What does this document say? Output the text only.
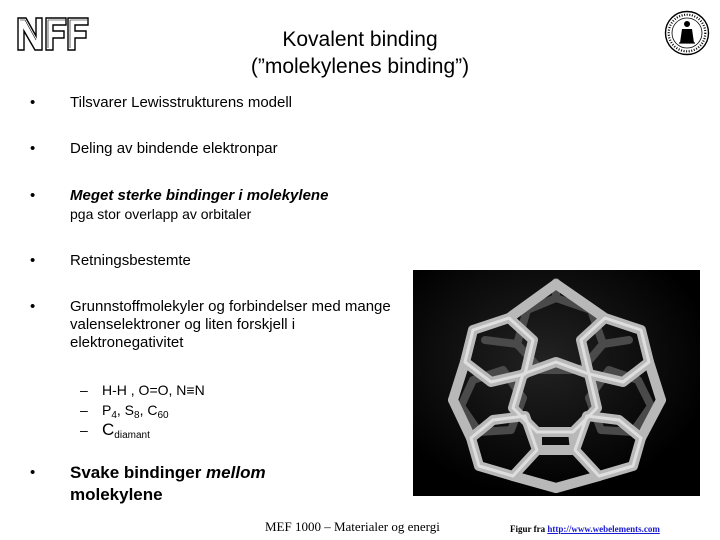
Kovalent binding
(”molekylenes binding”)
•	Tilsvarer Lewisstrukturens modell
•	Deling av bindende elektronpar
•	Meget sterke bindinger i molekylene
pga stor overlapp av orbitaler
•	Retningsbestemte
•	Grunnstoffmolekyler og forbindelser med mange valenselektroner og liten forskjell i elektronegativitet
– H-H , O=O, N≡N
– $P_4$, $S_8$, $C_{60}$
– $C_{diamant}$
• Svake bindinger mellom
molekylene
MEF 1000 – Materialer og energi	Figur fra http://www.webelements.com
